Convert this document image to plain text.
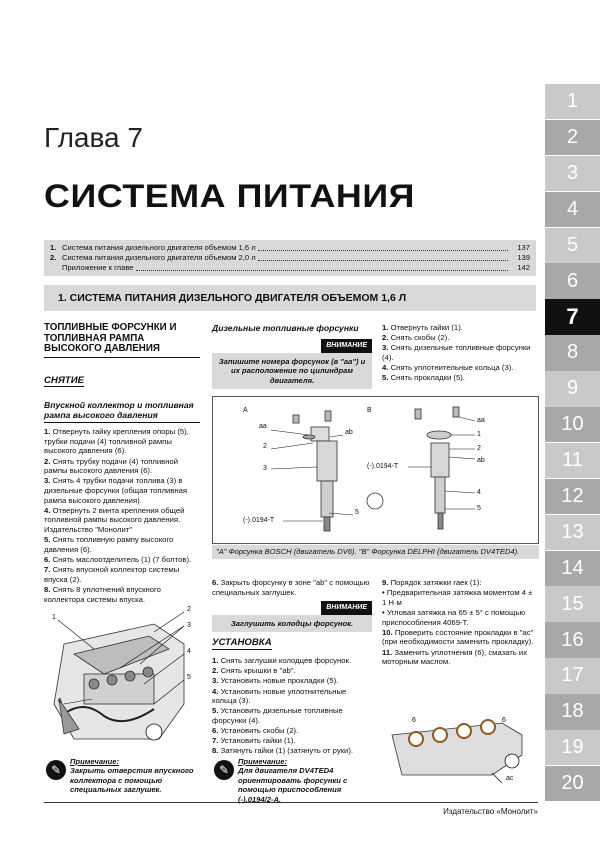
1
2
3
4
5
6
7
8
9
10
11
12
13
14
15
16
17
18
19
20
Глава 7
СИСТЕМА ПИТАНИЯ
1. Система питания дизельного двигателя объемом 1,6 л	137
2. Система питания дизельного двигателя объемом 2,0 л	139
Приложение к главе	142
1. СИСТЕМА ПИТАНИЯ ДИЗЕЛЬНОГО ДВИГАТЕЛЯ ОБЪЕМОМ 1,6 Л
ТОПЛИВНЫЕ ФОРСУНКИ И ТОПЛИВНАЯ РАМПА ВЫСОКОГО ДАВЛЕНИЯ
СНЯТИЕ
Впускной коллектор и топливная рампа высокого давления
1. Отвернуть гайку крепления опоры (5), трубки подачи (4) топливной рампы высокого давления (6).
2. Снять трубку подачи (4) топливной рампы высокого давления (6).
3. Снять 4 трубки подачи топлива (3) в дизельные форсунки (общая топливная рампа высокого давления).
4. Отвернуть 2 винта крепления общей топливной рампы высокого давления. Издательство "Монолит"
5. Снять топливную рампу высокого давления (6).
6. Снять маслоотделитель (1) (7 болтов).
7. Снять впускной коллектор системы впуска (2).
8. Снять 8 уплотнений впускного коллектора системы впуска.
1
2
3
4
5
6
✎
Примечание:
Закрыть отверстия впускного коллектора с помощью специальных заглушек.
Дизельные топливные форсунки
ВНИМАНИЕ
Запишите номера форсунок (в "аа") и их расположение по цилиндрам двигателя.
A	B
aa
ab
2
3
5
(-).0194-T
(-).0194-T
aa
1
2
ab
4
5
"А" Форсунка BOSCH (двигатель DV6). "В" Форсунка DELPHI (двигатель DV4TED4).
6. Закрыть форсунку в зоне "ab" с помощью специальных заглушек.
ВНИМАНИЕ
Заглушить колодцы форсунок.
УСТАНОВКА
1. Снять заглушки колодцев форсунок.
2. Снять крышки в "ab".
3. Установить новые прокладки (5).
4. Установить новые уплотнительные кольца (3).
5. Установить дизельные топливные форсунки (4).
6. Установить скобы (2).
7. Установить гайки (1).
8. Затянуть гайки (1) (затянуть от руки).
✎
Примечание:
Для двигателя DV4TED4 ориентировать форсунки с помощью приспособления (-).0194/2-А.
1. Отвернуть гайки (1).
2. Снять скобы (2).
3. Снять дизельные топливные форсунки (4).
4. Снять уплотнительные кольца (3).
5. Снять прокладки (5).
9. Порядок затяжки гаек (1):
• Предварительная затяжка моментом 4 ± 1 Н·м
• Угловая затяжка на 65 ± 5° с помощью приспособления 4069-Т.
10. Проверить состояние прокладки в "ас" (при необходимости заменить прокладку).
11. Заменить уплотнения (6), смазать их моторным маслом.
6	6
ac
Издательство «Монолит»
